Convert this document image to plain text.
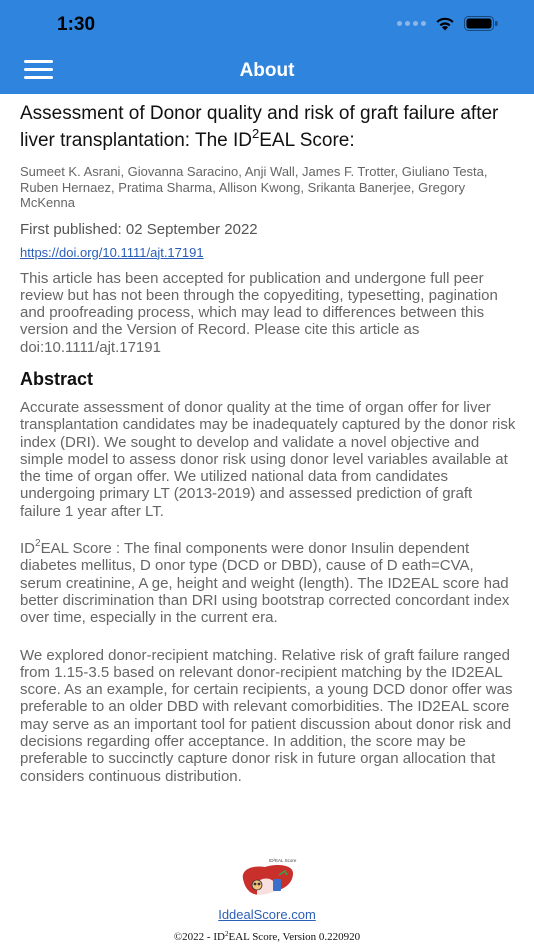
1:30
About
Assessment of Donor quality and risk of graft failure after liver transplantation: The $ID^2EAL$ Score:

Sumeet K. Asrani, Giovanna Saracino, Anji Wall, James F. Trotter, Giuliano Testa, Ruben Hernaez, Pratima Sharma, Allison Kwong, Srikanta Banerjee, Gregory McKenna

First published: 02 September 2022

https://doi.org/10.1111/ajt.17191

This article has been accepted for publication and undergone full peer review but has not been through the copyediting, typesetting, pagination and proofreading process, which may lead to differences between this version and the Version of Record. Please cite this article as doi:10.1111/ajt.17191

Abstract

Accurate assessment of donor quality at the time of organ offer for liver transplantation candidates may be inadequately captured by the donor risk index (DRI). We sought to develop and validate a novel objective and simple model to assess donor risk using donor level variables available at the time of organ offer. We utilized national data from candidates undergoing primary LT (2013-2019) and assessed prediction of graft failure 1 year after LT.

$ID^2EAL$ Score : The final components were donor Insulin dependent diabetes mellitus, D onor type (DCD or DBD), cause of D eath=CVA, serum creatinine, A ge, height and weight (length). The ID2EAL score had better discrimination than DRI using bootstrap corrected concordant index over time, especially in the current era.

We explored donor-recipient matching. Relative risk of graft failure ranged from 1.15-3.5 based on relevant donor-recipient matching by the ID2EAL score. As an example, for certain recipients, a young DCD donor offer was preferable to an older DBD with relevant comorbidities. The ID2EAL score may serve as an important tool for patient discussion about donor risk and decisions regarding offer acceptance. In addition, the score may be preferable to succinctly capture donor risk in future organ allocation that considers continuous distribution.

ID²EAL Score
IddealScore.com
©2022 - $ID^2EAL$ Score, Version 0.220920
